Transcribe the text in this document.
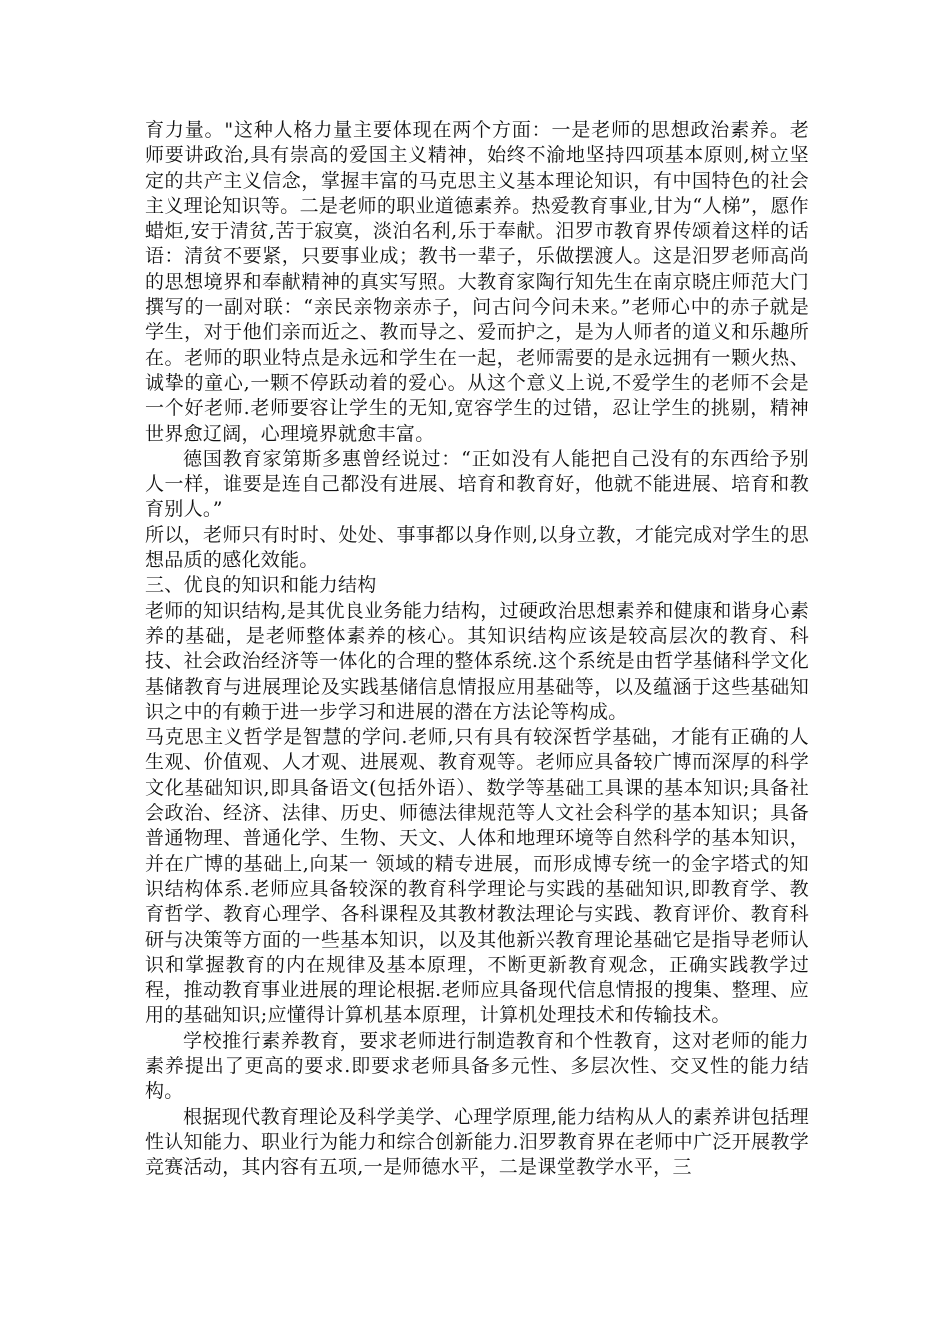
育力量。"这种人格力量主要体现在两个方面：一是老师的思想政治素养。老师要讲政治,具有崇高的爱国主义精神，始终不渝地坚持四项基本原则,树立坚定的共产主义信念，掌握丰富的马克思主义基本理论知识，有中国特色的社会主义理论知识等。二是老师的职业道德素养。热爱教育事业,甘为“人梯”，愿作蜡炬,安于清贫,苦于寂寞，淡泊名利,乐于奉献。汨罗市教育界传颂着这样的话语：清贫不要紧，只要事业成；教书一辈子，乐做摆渡人。这是汨罗老师高尚的思想境界和奉献精神的真实写照。大教育家陶行知先生在南京晓庄师范大门撰写的一副对联：“亲民亲物亲赤子，问古问今问未来。”老师心中的赤子就是学生，对于他们亲而近之、教而导之、爱而护之，是为人师者的道义和乐趣所在。老师的职业特点是永远和学生在一起，老师需要的是永远拥有一颗火热、诚挚的童心,一颗不停跃动着的爱心。从这个意义上说,不爱学生的老师不会是一个好老师.老师要容让学生的无知,宽容学生的过错，忍让学生的挑剔，精神世界愈辽阔，心理境界就愈丰富。

德国教育家第斯多惠曾经说过：“正如没有人能把自己没有的东西给予别人一样，谁要是连自己都没有进展、培育和教育好，他就不能进展、培育和教育别人。”

所以，老师只有时时、处处、事事都以身作则,以身立教，才能完成对学生的思想品质的感化效能。

三、优良的知识和能力结构

老师的知识结构,是其优良业务能力结构，过硬政治思想素养和健康和谐身心素养的基础，是老师整体素养的核心。其知识结构应该是较高层次的教育、科技、社会政治经济等一体化的合理的整体系统.这个系统是由哲学基储科学文化基储教育与进展理论及实践基储信息情报应用基础等，以及蕴涵于这些基础知识之中的有赖于进一步学习和进展的潜在方法论等构成。

马克思主义哲学是智慧的学问.老师,只有具有较深哲学基础，才能有正确的人生观、价值观、人才观、进展观、教育观等。老师应具备较广博而深厚的科学文化基础知识,即具备语文(包括外语）、数学等基础工具课的基本知识;具备社会政治、经济、法律、历史、师德法律规范等人文社会科学的基本知识；具备普通物理、普通化学、生物、天文、人体和地理环境等自然科学的基本知识，并在广博的基础上,向某一 领域的精专进展，而形成博专统一的金字塔式的知识结构体系.老师应具备较深的教育科学理论与实践的基础知识,即教育学、教育哲学、教育心理学、各科课程及其教材教法理论与实践、教育评价、教育科研与决策等方面的一些基本知识，以及其他新兴教育理论基础它是指导老师认识和掌握教育的内在规律及基本原理，不断更新教育观念，正确实践教学过程，推动教育事业进展的理论根据.老师应具备现代信息情报的搜集、整理、应用的基础知识;应懂得计算机基本原理，计算机处理技术和传输技术。

学校推行素养教育，要求老师进行制造教育和个性教育，这对老师的能力素养提出了更高的要求.即要求老师具备多元性、多层次性、交叉性的能力结构。

根据现代教育理论及科学美学、心理学原理,能力结构从人的素养讲包括理性认知能力、职业行为能力和综合创新能力.汨罗教育界在老师中广泛开展教学竞赛活动，其内容有五项,一是师德水平，二是课堂教学水平，三
